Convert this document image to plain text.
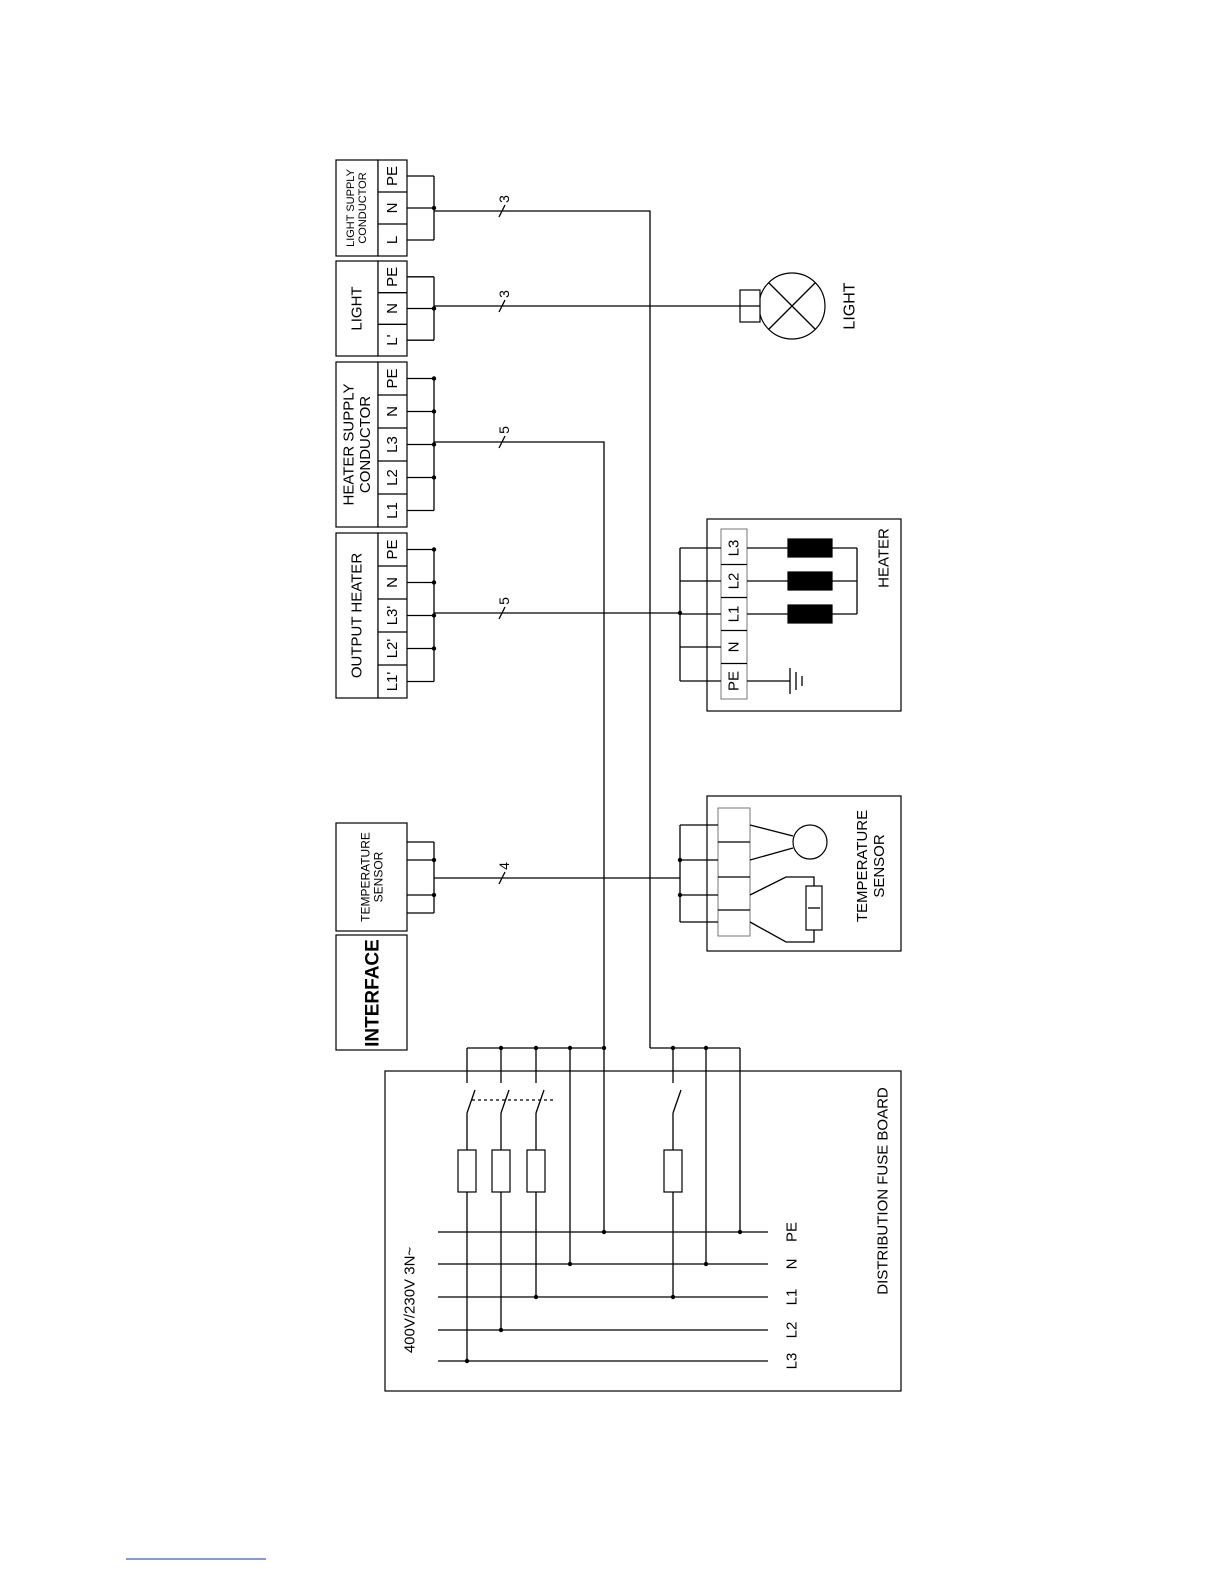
INTERFACE
TEMPERATURESENSOR
OUTPUT HEATER
L1'
L2'
L3'
N
PE
HEATER SUPPLYCONDUCTOR
L1
L2
L3
N
PE
LIGHT
L'
N
PE
LIGHT SUPPLYCONDUCTOR L
N
PE
4
5
5
3
3
LIGHT
PE
N
L1
L2
L3	HEATER
TEMPERATURESENSOR
400V/230V 3N~
DISTRIBUTION FUSE BOARD
L3
L2
L1
N
PE
